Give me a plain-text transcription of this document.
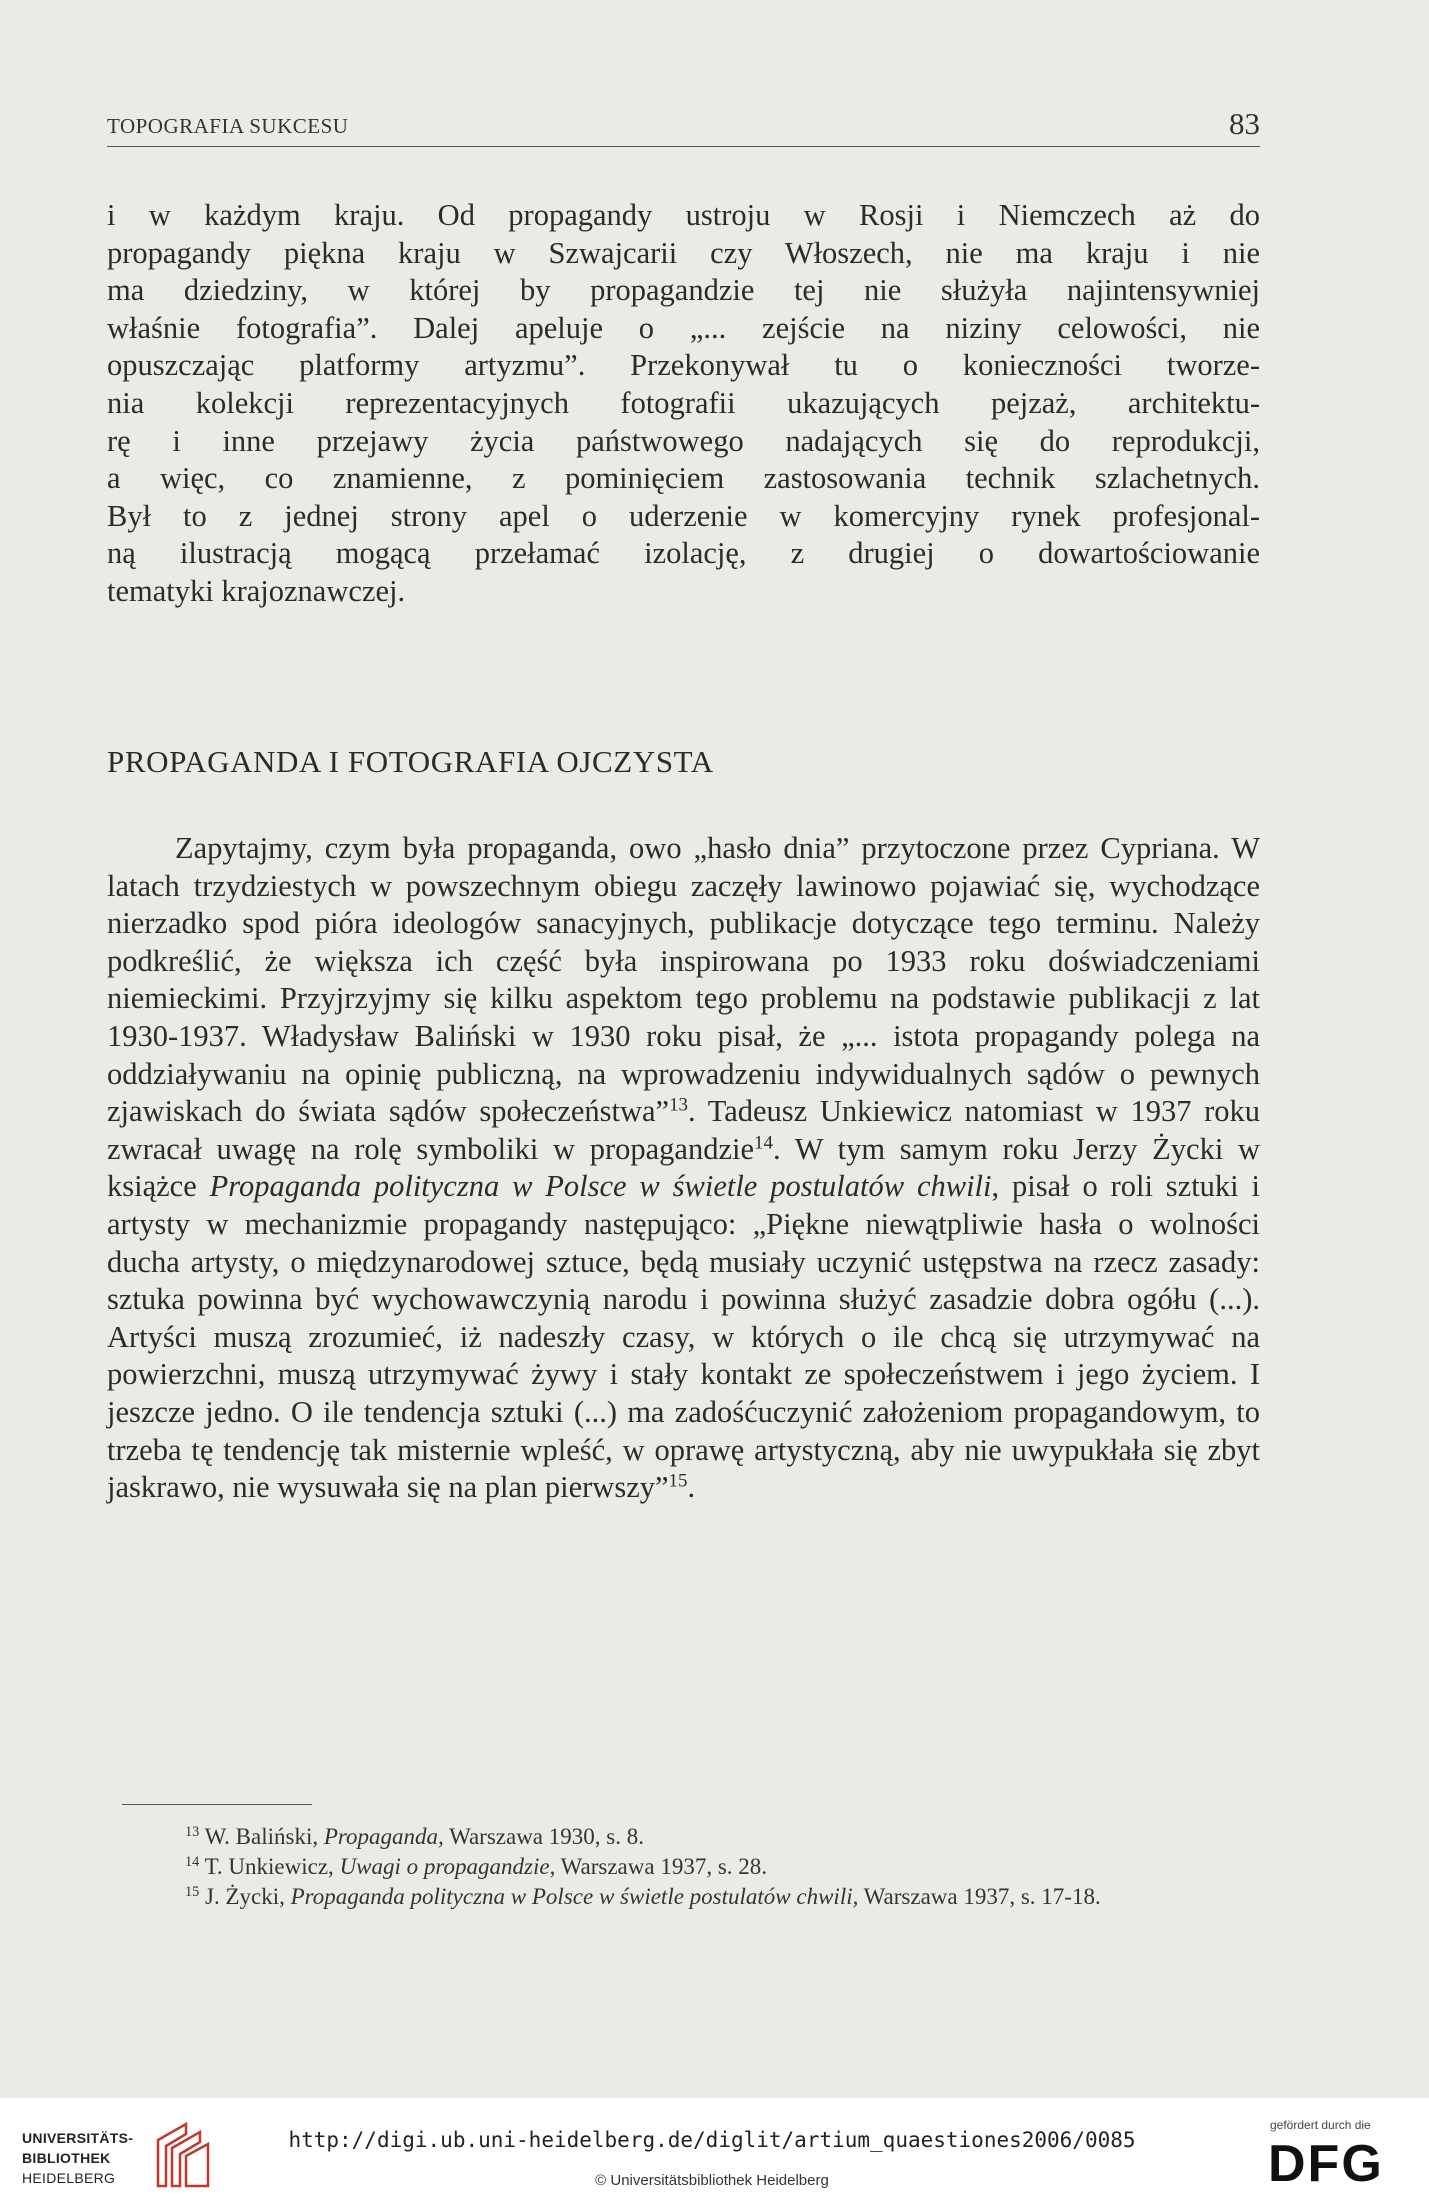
TOPOGRAFIA SUKCESU	83

i w każdym kraju. Od propagandy ustroju w Rosji i Niemczech aż do
propagandy piękna kraju w Szwajcarii czy Włoszech, nie ma kraju i nie
ma dziedziny, w której by propagandzie tej nie służyła najintensywniej
właśnie fotografia”. Dalej apeluje o „... zejście na niziny celowości, nie
opuszczając platformy artyzmu”. Przekonywał tu o konieczności tworze-
nia kolekcji reprezentacyjnych fotografii ukazujących pejzaż, architektu-
rę i inne przejawy życia państwowego nadających się do reprodukcji,
a więc, co znamienne, z pominięciem zastosowania technik szlachetnych.
Był to z jednej strony apel o uderzenie w komercyjny rynek profesjonal-
ną ilustracją mogącą przełamać izolację, z drugiej o dowartościowanie
tematyki krajoznawczej.

PROPAGANDA I FOTOGRAFIA OJCZYSTA

Zapytajmy, czym była propaganda, owo „hasło dnia” przytoczone przez Cypriana. W latach trzydziestych w powszechnym obiegu zaczęły lawinowo pojawiać się, wychodzące nierzadko spod pióra ideologów sanacyjnych, publikacje dotyczące tego terminu. Należy podkreślić, że większa ich część była inspirowana po 1933 roku doświadczeniami niemieckimi. Przyjrzyjmy się kilku aspektom tego problemu na podstawie publikacji z lat 1930-1937. Władysław Baliński w 1930 roku pisał, że „... istota propagandy polega na oddziaływaniu na opinię publiczną, na wprowadzeniu indywidualnych sądów o pewnych zjawiskach do świata sądów społeczeństwa”$^{13}$. Tadeusz Unkiewicz natomiast w 1937 roku zwracał uwagę na rolę symboliki w propagandzie$^{14}$. W tym samym roku Jerzy Życki w książce Propaganda polityczna w Polsce w świetle postulatów chwili, pisał o roli sztuki i artysty w mechanizmie propagandy następująco: „Piękne niewątpliwie hasła o wolności ducha artysty, o międzynarodowej sztuce, będą musiały uczynić ustępstwa na rzecz zasady: sztuka powinna być wychowawczynią narodu i powinna służyć zasadzie dobra ogółu (...). Artyści muszą zrozumieć, iż nadeszły czasy, w których o ile chcą się utrzymywać na powierzchni, muszą utrzymywać żywy i stały kontakt ze społeczeństwem i jego życiem. I jeszcze jedno. O ile tendencja sztuki (...) ma zadośćuczynić założeniom propagandowym, to trzeba tę tendencję tak misternie wpleść, w oprawę artystyczną, aby nie uwypukłała się zbyt jaskrawo, nie wysuwała się na plan pierwszy”$^{15}$.

$^{13}$ W. Baliński, Propaganda, Warszawa 1930, s. 8.

$^{14}$ T. Unkiewicz, Uwagi o propagandzie, Warszawa 1937, s. 28.

$^{15}$ J. Życki, Propaganda polityczna w Polsce w świetle postulatów chwili, Warszawa 1937, s. 17-18.

UNIVERSITÄTS-
BIBLIOTHEK
HEIDELBERG
http://digi.ub.uni-heidelberg.de/diglit/artium_quaestiones2006/0085
© Universitätsbibliothek Heidelberg
gefördert durch die
DFG
